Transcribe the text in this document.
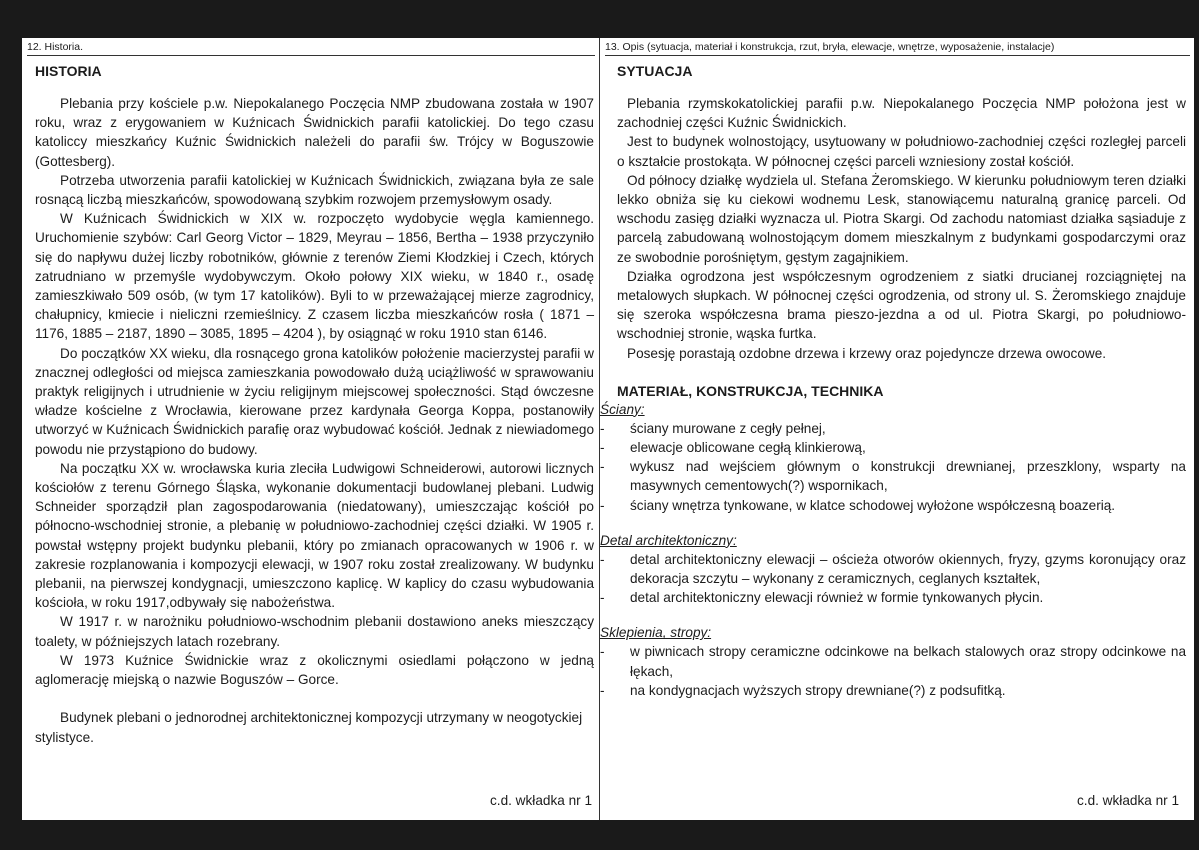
12. Historia.
HISTORIA

Plebania przy kościele p.w. Niepokalanego Poczęcia NMP zbudowana została w 1907 roku, wraz z erygowaniem w Kuźnicach Świdnickich parafii katolickiej. Do tego czasu katoliccy mieszkańcy Kuźnic Świdnickich należeli do parafii św. Trójcy w Boguszowie (Gottesberg).

Potrzeba utworzenia parafii katolickiej w Kuźnicach Świdnickich, związana była ze sale rosnącą liczbą mieszkańców, spowodowaną szybkim rozwojem przemysłowym osady.

W Kuźnicach Świdnickich w XIX w. rozpoczęto wydobycie węgla kamiennego. Uruchomienie szybów: Carl Georg Victor – 1829, Meyrau – 1856, Bertha – 1938 przyczyniło się do napływu dużej liczby robotników, głównie z terenów Ziemi Kłodzkiej i Czech, których zatrudniano w przemyśle wydobywczym. Około połowy XIX wieku, w 1840 r., osadę zamieszkiwało 509 osób, (w tym 17 katolików). Byli to w przeważającej mierze zagrodnicy, chałupnicy, kmiecie i nieliczni rzemieślnicy. Z czasem liczba mieszkańców rosła ( 1871 – 1176, 1885 – 2187, 1890 – 3085, 1895 – 4204 ), by osiągnąć w roku 1910 stan 6146.

Do początków XX wieku, dla rosnącego grona katolików położenie macierzystej parafii w znacznej odległości od miejsca zamieszkania powodowało dużą uciążliwość w sprawowaniu praktyk religijnych i utrudnienie w życiu religijnym miejscowej społeczności. Stąd ówczesne władze kościelne z Wrocławia, kierowane przez kardynała Georga Koppa, postanowiły utworzyć w Kuźnicach Świdnickich parafię oraz wybudować kościół. Jednak z niewiadomego powodu nie przystąpiono do budowy.

Na początku XX w. wrocławska kuria zleciła Ludwigowi Schneiderowi, autorowi licznych kościołów z terenu Górnego Śląska, wykonanie dokumentacji budowlanej plebani. Ludwig Schneider sporządził plan zagospodarowania (niedatowany), umieszczając kościół po północno-wschodniej stronie, a plebanię w południowo-zachodniej części działki. W 1905 r. powstał wstępny projekt budynku plebanii, który po zmianach opracowanych w 1906 r. w zakresie rozplanowania i kompozycji elewacji, w 1907 roku został zrealizowany. W budynku plebanii, na pierwszej kondygnacji, umieszczono kaplicę. W kaplicy do czasu wybudowania kościoła, w roku 1917,odbywały się nabożeństwa.

W 1917 r. w narożniku południowo-wschodnim plebanii dostawiono aneks mieszczący toalety, w późniejszych latach rozebrany.

W 1973 Kuźnice Świdnickie wraz z okolicznymi osiedlami połączono w jedną aglomerację miejską o nazwie Boguszów – Gorce.

Budynek plebani o jednorodnej architektonicznej kompozycji utrzymany w neogotyckiej stylistyce.

c.d. wkładka nr 1
13. Opis (sytuacja, materiał i konstrukcja, rzut, bryła, elewacje, wnętrze, wyposażenie, instalacje)
SYTUACJA

Plebania rzymskokatolickiej parafii p.w. Niepokalanego Poczęcia NMP położona jest w zachodniej części Kuźnic Świdnickich.

Jest to budynek wolnostojący, usytuowany w południowo-zachodniej części rozległej parceli o kształcie prostokąta. W północnej części parceli wzniesiony został kościół.

Od północy działkę wydziela ul. Stefana Żeromskiego. W kierunku południowym teren działki lekko obniża się ku ciekowi wodnemu Lesk, stanowiącemu naturalną granicę parceli. Od wschodu zasięg działki wyznacza ul. Piotra Skargi. Od zachodu natomiast działka sąsiaduje z parcelą zabudowaną wolnostojącym domem mieszkalnym z budynkami gospodarczymi oraz ze swobodnie porośniętym, gęstym zagajnikiem.

Działka ogrodzona jest współczesnym ogrodzeniem z siatki drucianej rozciągniętej na metalowych słupkach. W północnej części ogrodzenia, od strony ul. S. Żeromskiego znajduje się szeroka współczesna brama pieszo-jezdna a od ul. Piotra Skargi, po południowo-wschodniej stronie, wąska furtka.

Posesję porastają ozdobne drzewa i krzewy oraz pojedyncze drzewa owocowe.

MATERIAŁ, KONSTRUKCJA, TECHNIKA
Ściany:
- ściany murowane z cegły pełnej,
- elewacje oblicowane cegłą klinkierową,
- wykusz nad wejściem głównym o konstrukcji drewnianej, przeszklony, wsparty na masywnych cementowych(?) wspornikach,
- ściany wnętrza tynkowane, w klatce schodowej wyłożone współczesną boazerią.
Detal architektoniczny:
- detal architektoniczny elewacji – ościeża otworów okiennych, fryzy, gzyms koronujący oraz dekoracja szczytu – wykonany z ceramicznych, ceglanych kształtek,
- detal architektoniczny elewacji również w formie tynkowanych płycin.
Sklepienia, stropy:
- w piwnicach stropy ceramiczne odcinkowe na belkach stalowych oraz stropy odcinkowe na łękach,
- na kondygnacjach wyższych stropy drewniane(?) z podsufitką.
c.d. wkładka nr 1
